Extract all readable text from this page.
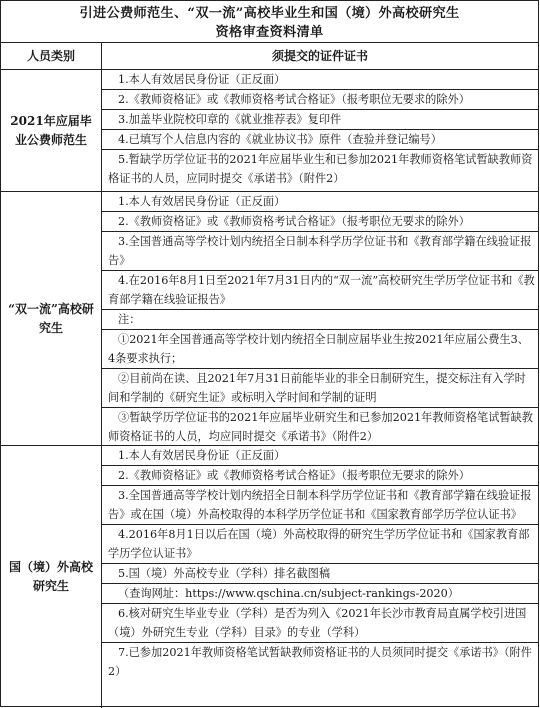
引进公费师范生、“双一流”高校毕业生和国（境）外高校研究生
资格审查资料清单
人员类别	须提交的证件证书
2021年应届毕业公费师范生
1.本人有效居民身份证（正反面）
2.《教师资格证》或《教师资格考试合格证》（报考职位无要求的除外）
3.加盖毕业院校印章的《就业推荐表》复印件
4.已填写个人信息内容的《就业协议书》原件（查验并登记编号）
5.暂缺学历学位证书的2021年应届毕业生和已参加2021年教师资格笔试暂缺教师资格证书的人员，应同时提交《承诺书》（附件2）
“双一流”高校研究生
1.本人有效居民身份证（正反面）
2.《教师资格证》或《教师资格考试合格证》（报考职位无要求的除外）
3.全国普通高等学校计划内统招全日制本科学历学位证书和《教育部学籍在线验证报告》
4.在2016年8月1日至2021年7月31日内的“双一流”高校研究生学历学位证书和《教育部学籍在线验证报告》
注：
①2021年全国普通高等学校计划内统招全日制应届毕业生按2021年应届公费生3、4条要求执行；
②目前尚在读、且2021年7月31日前能毕业的非全日制研究生，提交标注有入学时间和学制的《研究生证》或标明入学时间和学制的证明
③暂缺学历学位证书的2021年应届毕业研究生和已参加2021年教师资格笔试暂缺教师资格证书的人员，均应同时提交《承诺书》（附件2）
国（境）外高校研究生
1.本人有效居民身份证（正反面）
2.《教师资格证》或《教师资格考试合格证》（报考职位无要求的除外）
3.全国普通高等学校计划内统招全日制本科学历学位证书和《教育部学籍在线验证报告》或在国（境）外高校取得的本科学历学位证书和《国家教育部学历学位认证书》
4.2016年8月1日以后在国（境）外高校取得的研究生学历学位证书和《国家教育部学历学位认证书》
5.国（境）外高校专业（学科）排名截图稿
（查询网址：https://www.qschina.cn/subject-rankings-2020）
6.核对研究生毕业专业（学科）是否为列入《2021年长沙市教育局直属学校引进国（境）外研究生专业（学科）目录》的专业（学科）
7.已参加2021年教师资格笔试暂缺教师资格证书的人员须同时提交《承诺书》（附件2）
